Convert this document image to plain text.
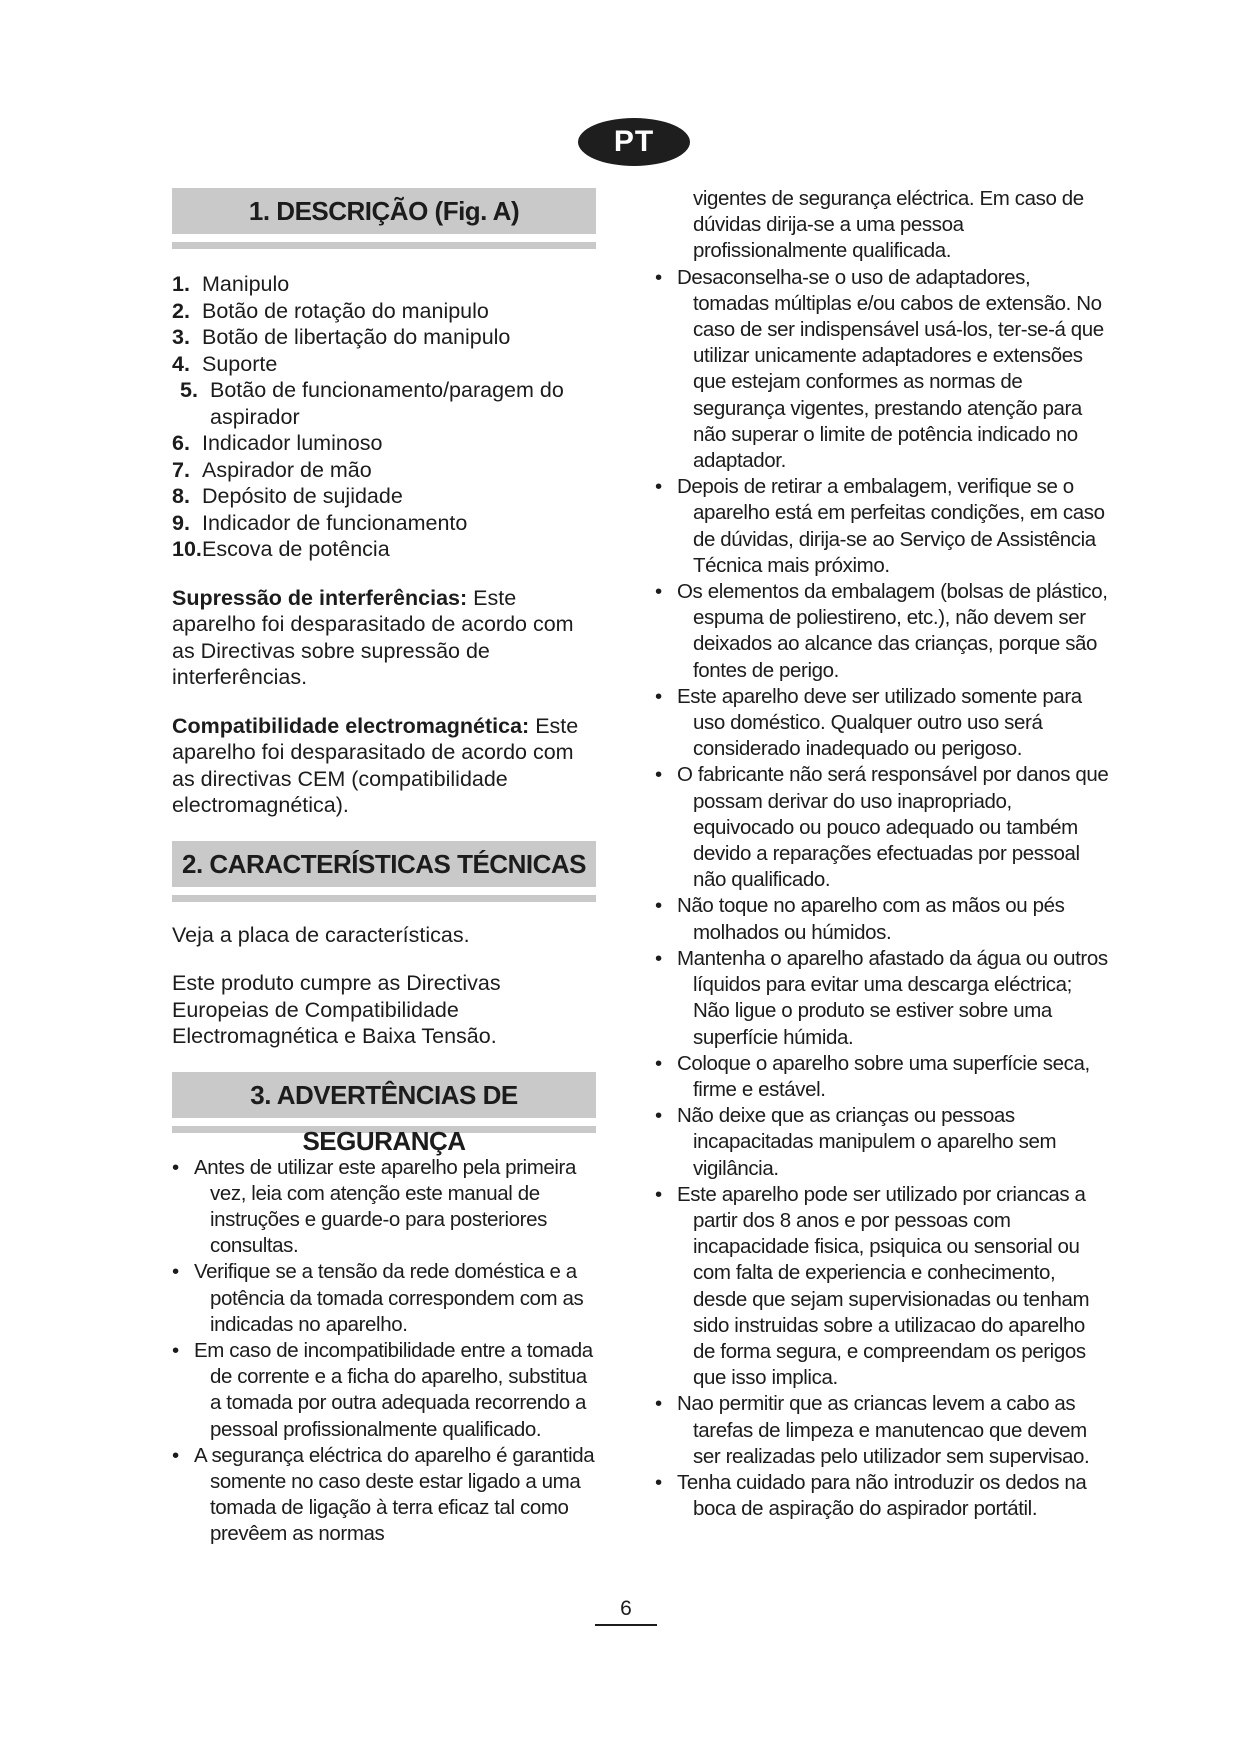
PT
1. DESCRIÇÃO (Fig. A)
1. Manipulo
2. Botão de rotação do manipulo
3. Botão de libertação do manipulo
4. Suporte
5. Botão de funcionamento/paragem do aspirador
6. Indicador luminoso
7. Aspirador de mão
8. Depósito de sujidade
9. Indicador de funcionamento
10.Escova de potência

Supressão de interferências: Este aparelho foi desparasitado de acordo com as Directivas sobre supressão de interferências.

Compatibilidade electromagnética: Este aparelho foi desparasitado de acordo com as directivas CEM (compatibilidade electromagnética).

2. CARACTERÍSTICAS TÉCNICAS

Veja a placa de características.

Este produto cumpre as Directivas Europeias de Compatibilidade Electromagnética e Baixa Tensão.

3. ADVERTÊNCIAS DE SEGURANÇA
• Antes de utilizar este aparelho pela primeira vez, leia com atenção este manual de instruções e guarde-o para posteriores consultas.
• Verifique se a tensão da rede doméstica e a potência da tomada correspondem com as indicadas no aparelho.
• Em caso de incompatibilidade entre a tomada de corrente e a ficha do aparelho, substitua a tomada por outra adequada recorrendo a pessoal profissionalmente qualificado.
• A segurança eléctrica do aparelho é garantida somente no caso deste estar ligado a uma tomada de ligação à terra eficaz tal como prevêem as normas
vigentes de segurança eléctrica. Em caso de dúvidas dirija-se a uma pessoa profissionalmente qualificada.
• Desaconselha-se o uso de adaptadores, tomadas múltiplas e/ou cabos de extensão. No caso de ser indispensável usá-los, ter-se-á que utilizar unicamente adaptadores e extensões que estejam conformes as normas de segurança vigentes, prestando atenção para não superar o limite de potência indicado no adaptador.
• Depois de retirar a embalagem, verifique se o aparelho está em perfeitas condições, em caso de dúvidas, dirija-se ao Serviço de Assistência Técnica mais próximo.
• Os elementos da embalagem (bolsas de plástico, espuma de poliestireno, etc.), não devem ser deixados ao alcance das crianças, porque são fontes de perigo.
• Este aparelho deve ser utilizado somente para uso doméstico. Qualquer outro uso será considerado inadequado ou perigoso.
• O fabricante não será responsável por danos que possam derivar do uso inapropriado, equivocado ou pouco adequado ou também devido a reparações efectuadas por pessoal não qualificado.
• Não toque no aparelho com as mãos ou pés molhados ou húmidos.
• Mantenha o aparelho afastado da água ou outros líquidos para evitar uma descarga eléctrica; Não ligue o produto se estiver sobre uma superfície húmida.
• Coloque o aparelho sobre uma superfície seca, firme e estável.
• Não deixe que as crianças ou pessoas incapacitadas manipulem o aparelho sem vigilância.
• Este aparelho pode ser utilizado por criancas a partir dos 8 anos e por pessoas com incapacidade fisica, psiquica ou sensorial ou com falta de experiencia e conhecimento, desde que sejam supervisionadas ou tenham sido instruidas sobre a utilizacao do aparelho de forma segura, e compreendam os perigos que isso implica.
• Nao permitir que as criancas levem a cabo as tarefas de limpeza e manutencao que devem ser realizadas pelo utilizador sem supervisao.
• Tenha cuidado para não introduzir os dedos na boca de aspiração do aspirador portátil.
6
